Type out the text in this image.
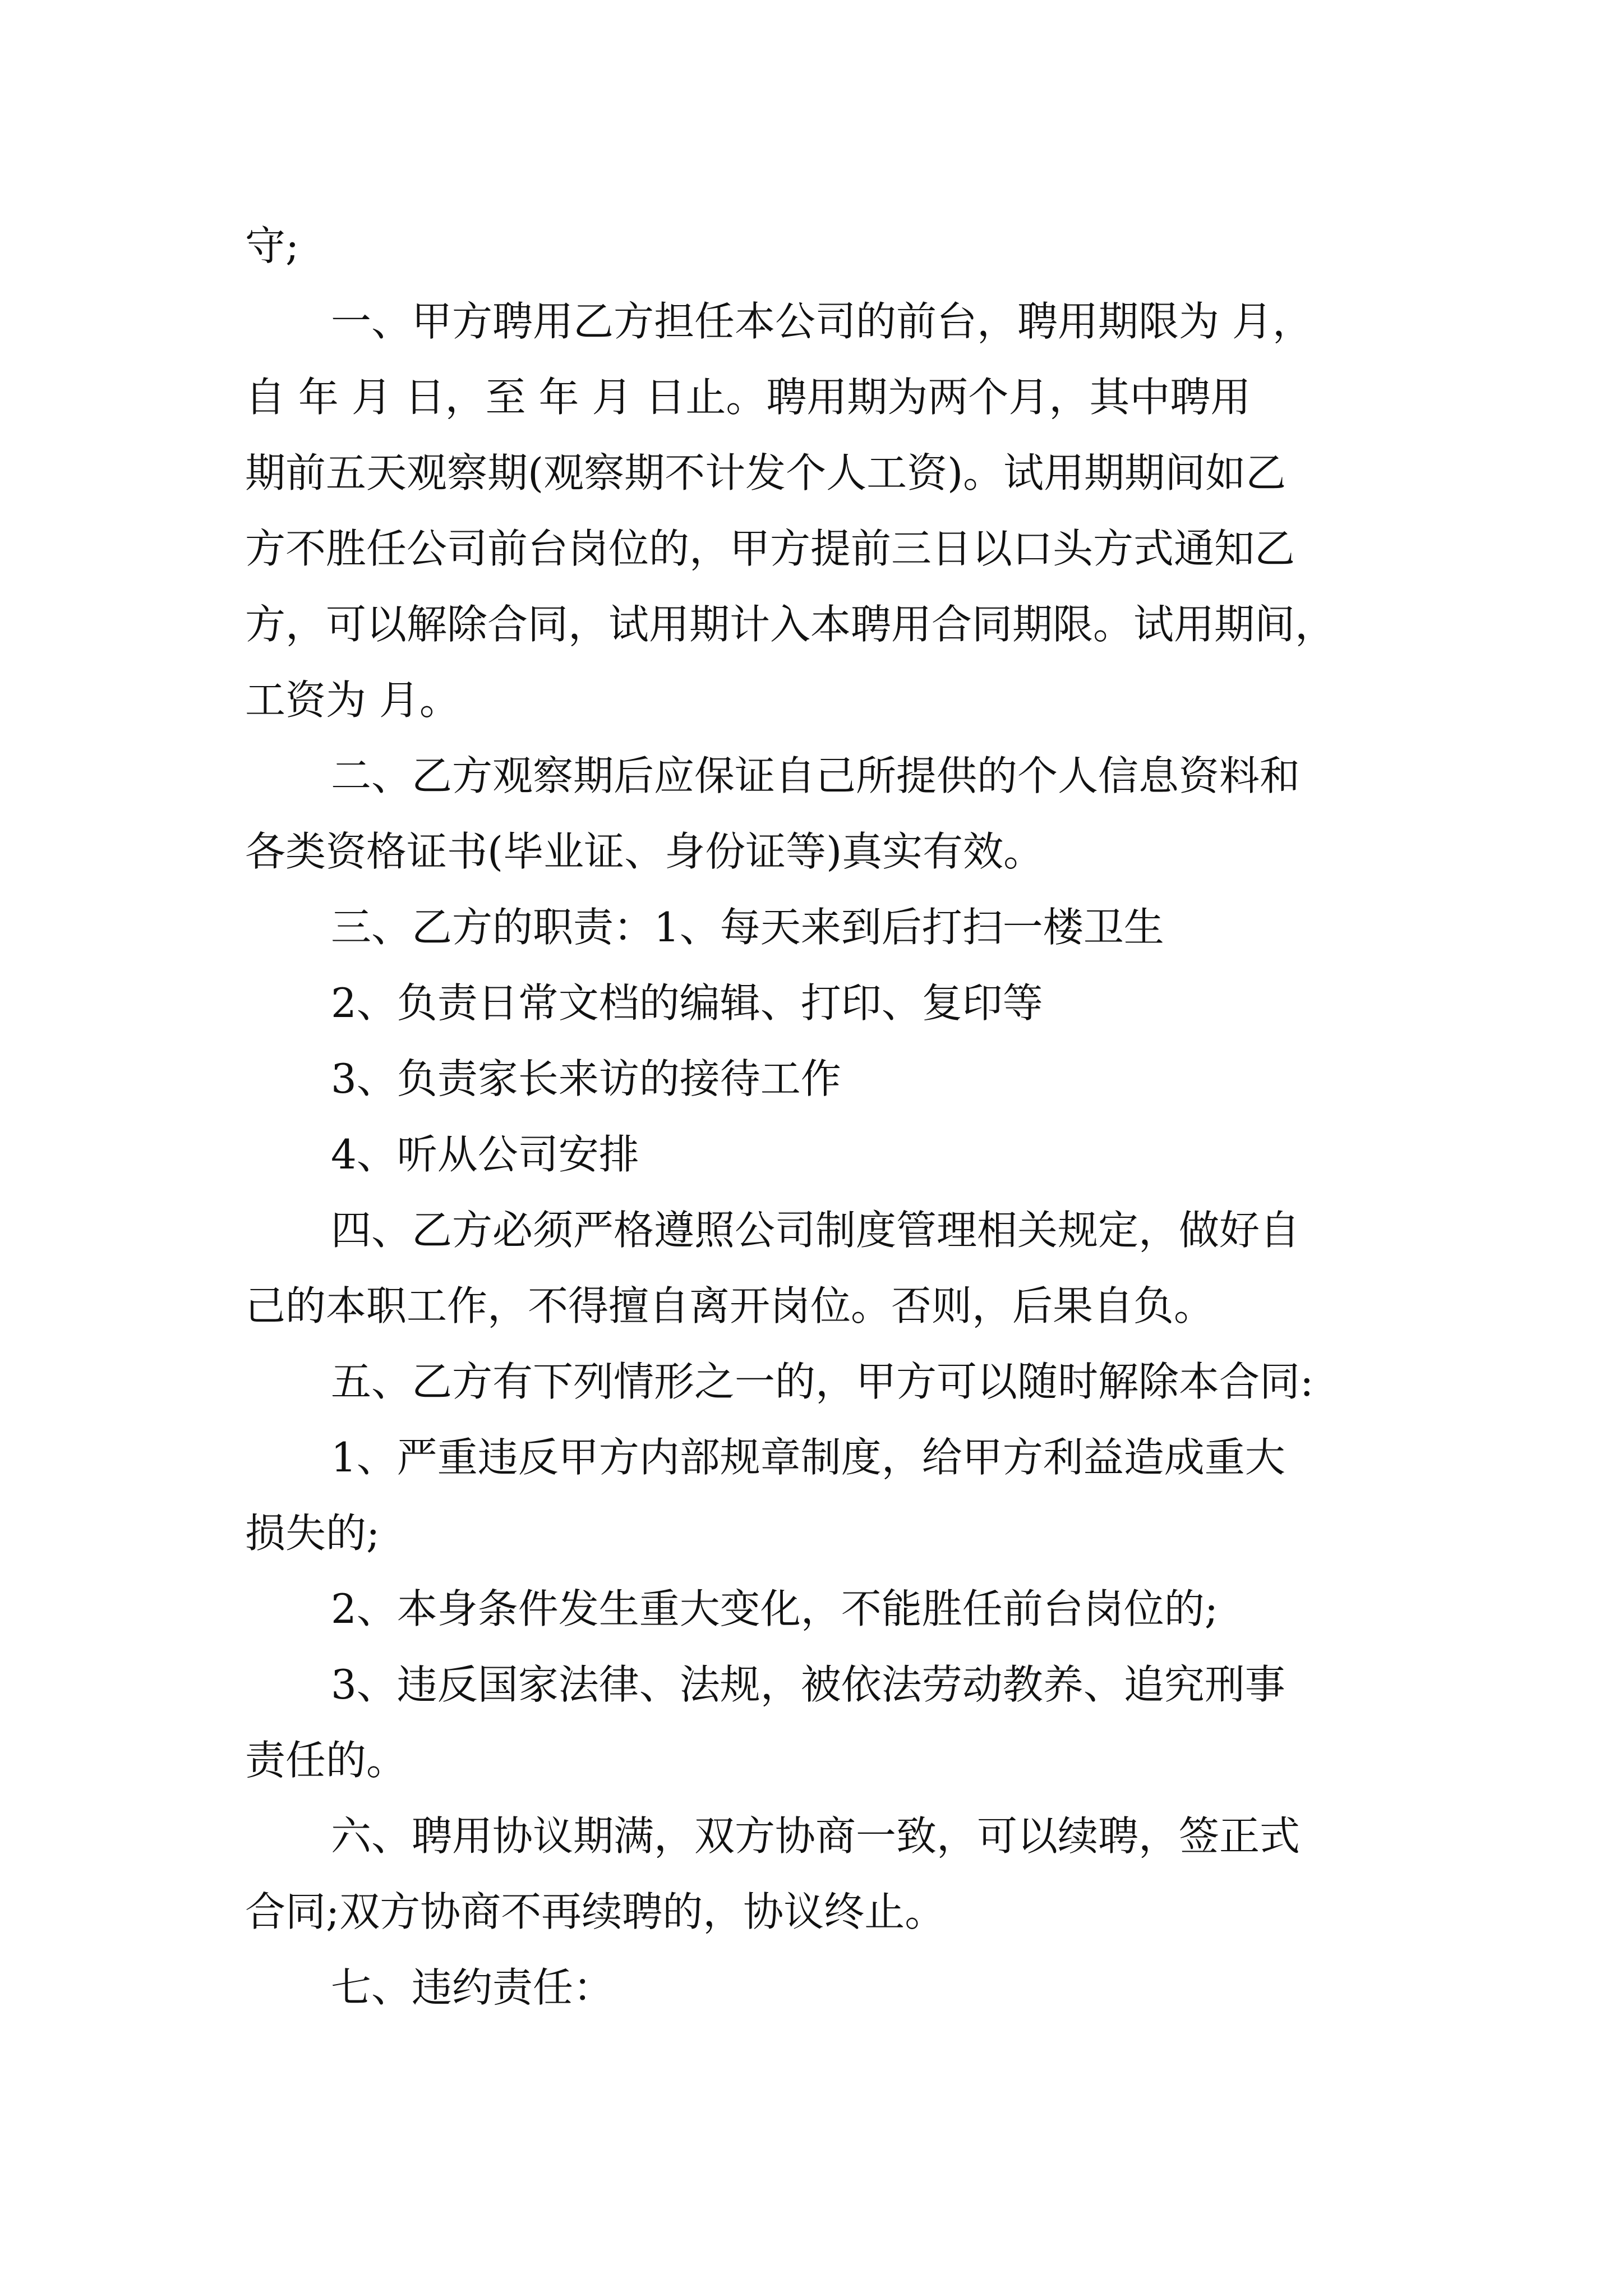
守;
一、甲方聘用乙方担任本公司的前台，聘用期限为 月，
自 年 月 日，至 年 月 日止。聘用期为两个月，其中聘用
期前五天观察期(观察期不计发个人工资)。试用期期间如乙
方不胜任公司前台岗位的，甲方提前三日以口头方式通知乙
方，可以解除合同，试用期计入本聘用合同期限。试用期间，
工资为 月。
二、乙方观察期后应保证自己所提供的个人信息资料和
各类资格证书(毕业证、身份证等)真实有效。
三、乙方的职责：1、每天来到后打扫一楼卫生
2、负责日常文档的编辑、打印、复印等
3、负责家长来访的接待工作
4、听从公司安排
四、乙方必须严格遵照公司制度管理相关规定，做好自
己的本职工作，不得擅自离开岗位。否则，后果自负。
五、乙方有下列情形之一的，甲方可以随时解除本合同:
1、严重违反甲方内部规章制度，给甲方利益造成重大
损失的;
2、本身条件发生重大变化，不能胜任前台岗位的;
3、违反国家法律、法规，被依法劳动教养、追究刑事
责任的。
六、聘用协议期满，双方协商一致，可以续聘，签正式
合同;双方协商不再续聘的，协议终止。
七、违约责任：
